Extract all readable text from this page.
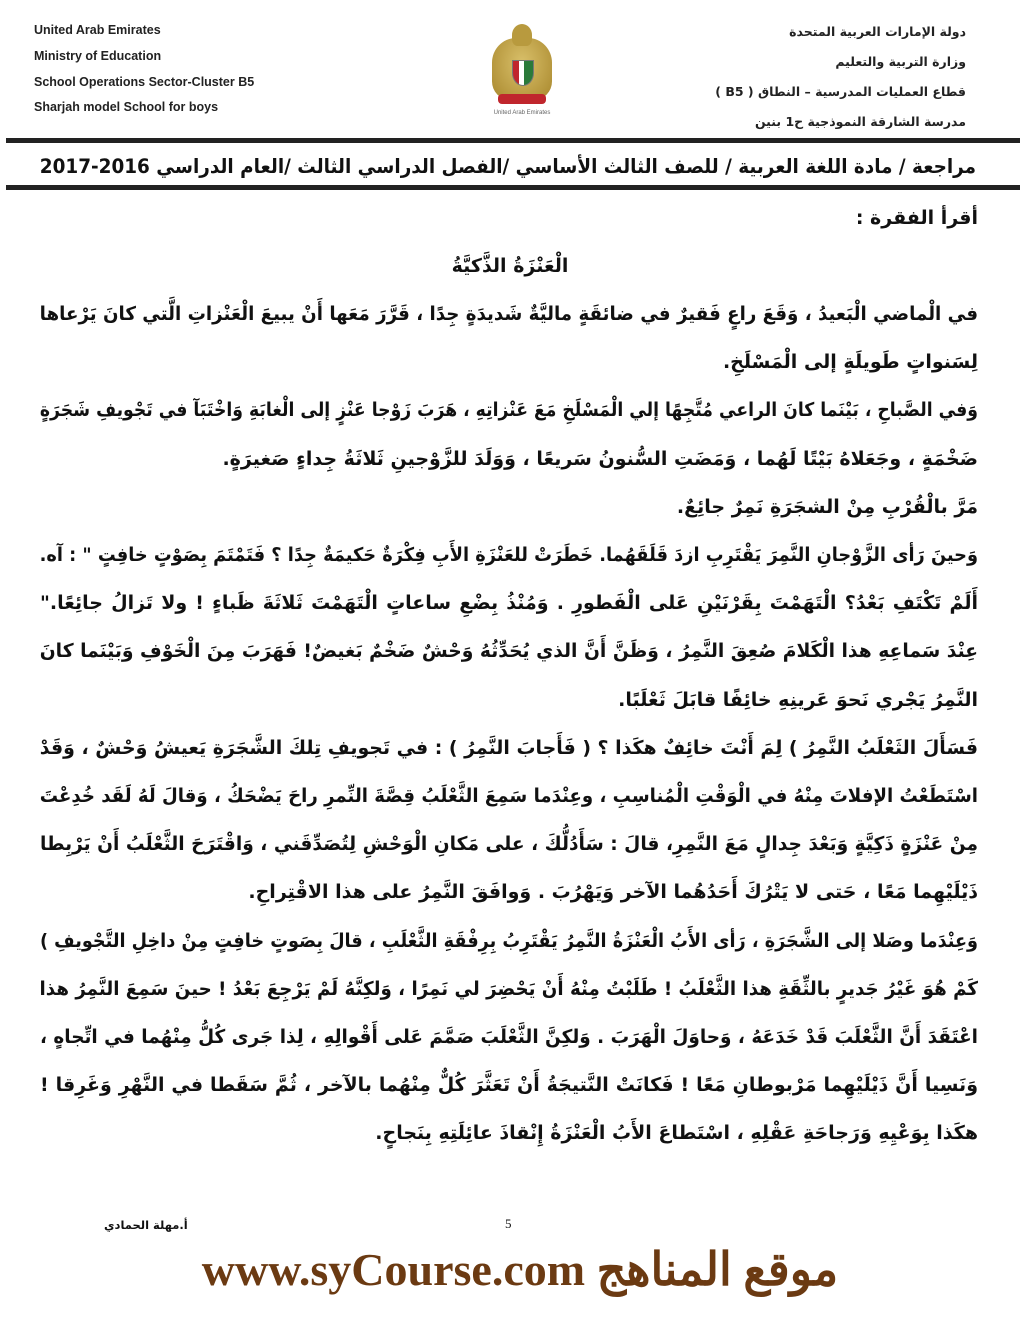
United Arab Emirates
Ministry of Education
School Operations Sector-Cluster B5
Sharjah model School for boys	United Arab Emirates
دولة الإمارات العربية المتحدة
وزارة التربية والتعليم
قطاع العمليات المدرسية – النطاق ( B5 )
مدرسة الشارقة النموذجية ح1 بنين
مراجعة / مادة اللغة العربية / للصف الثالث الأساسي /الفصل الدراسي الثالث /العام الدراسي 2016-2017
أقرأ الفقرة :
الْعَنْزَةُ الذَّكيَّةُ
في الْماضي الْبَعيدُ ، وَقَعَ راعٍ فَقيرٌ في ضائقَةٍ ماليَّةٌ شَديدَةٍ جِدًا ، قَرَّرَ مَعَها أَنْ يبيعَ الْعَنْزاتِ الَّتي كانَ يَرْعاها
لِسَنواتٍ طَويلَةٍ إلى الْمَسْلَخِ.
وَفي الصَّباحِ ، بَيْنَما كانَ الراعي مُتَّجِهًا إلي الْمَسْلَخِ مَعَ عَنْزاتِهِ ، هَرَبَ زَوْجا عَنْزٍ إلى الْغابَةِ وَاخْتَبَآ في تَجْويفِ شَجَرَةٍ
ضَخْمَةٍ ، وجَعَلاهُ بَيْتًا لَهُما ، وَمَضَتِ السُّنونُ سَريعًا ، وَوَلَدَ للزَّوْجينِ ثَلاثَةُ جِداءٍ صَغيرَةٍ.
مَرَّ بالْقُرْبِ مِنْ الشجَرَةِ نَمِرٌ جائِعٌ.
وَحينَ رَأى الزَّوْجانِ النَّمِرَ يَقْتَرِبِ ازدَ قَلَقَهُما. خَطَرَتْ للعَنْزَةِ الأَبِ فِكْرَةٌ حَكيمَةٌ جِدًا ؟ فَتَمْتَمَ بِصَوْتٍ خافِتٍ " : آه.
أَلَمْ تَكْتَفِ بَعْدُ؟ الْتَهَمْتَ بِقَرْنَيْنِ عَلى الْفَطورِ . وَمُنْذُ بِضْعِ ساعاتٍ الْتَهَمْتَ ثَلاثَةَ ظَباءٍ ! ولا تَزالُ جائِعًا."
عِنْدَ سَماعِهِ هذا الْكَلامَ صُعِقَ النَّمِرُ ، وَظَنَّ أَنَّ الذي يُحَدِّثُهُ وَحْشٌ ضَخْمٌ بَغيضٌ! فَهَرَبَ مِنَ الْخَوْفِ وَبَيْنَما كانَ
النَّمِرُ يَجْري نَحوَ عَرينِهِ خائِفًا قابَلَ ثَعْلَبًا.
فَسَأَلَ الثَعْلَبُ النَّمِرُ ) لِمَ أَنْتَ خائِفٌ هكَذا ؟ ( فَأَجابَ النَّمِرُ ) : في تَجويفِ تِلكَ الشَّجَرَةِ يَعيشُ وَحْشٌ ، وَقَدْ
اسْتَطَعْتُ الإفلاتَ مِنْهُ في الْوَقْتِ الْمُناسِبِ ، وعِنْدَما سَمِعَ الثَّعْلَبُ قِصَّةَ النِّمرِ راحَ يَضْحَكُ ، وَقالَ لَهُ لَقَد خُدِعْتَ
مِنْ عَنْزَةٍ ذَكِيَّةٍ وَبَعْدَ جِدالٍ مَعَ النَّمِرِ، قالَ : سَأَدُلُّكَ ، على مَكانِ الْوَحْشِ لِتُصَدِّقَني ، وَاقْتَرَحَ الثَّعْلَبُ أَنْ يَرْبِطا
ذَيْلَيْهِما مَعًا ، حَتى لا يَتْرُكَ أَحَدُهُما الآخر وَيَهْرُبَ . وَوافَقَ النَّمِرُ على هذا الاقْتِراحِ.
وَعِنْدَما وصَلا إلى الشَّجَرَةِ ، رَأى الأَبُ الْعَنْزَةُ النَّمِرُ يَقْتَرِبُ بِرِفْقَةِ الثَّعْلَبِ ، قالَ بِصَوتٍ خافِتٍ مِنْ داخِلِ التَّجْويفِ )
كَمْ هُوَ غَيْرُ جَديرٍ بالثِّقَةِ هذا الثَّعْلَبُ ! طَلَبْتُ مِنْهُ أَنْ يَحْضِرَ لي نَمِرًا ، وَلكِنَّهُ لَمْ يَرْجِعَ بَعْدُ ! حينَ سَمِعَ النَّمِرُ هذا
اعْتَقَدَ أَنَّ الثَّعْلَبَ قَدْ خَدَعَهُ ، وَحاوَلَ الْهَرَبَ . وَلكِنَّ الثَّعْلَبَ صَمَّمَ عَلى أَقْوالِهِ ، لِذا جَرى كُلُّ مِنْهُما في اتِّجاهٍ ،
وَنَسِيا أَنَّ ذَيْلَيْهِما مَرْبوطانِ مَعًا ! فَكانَتْ النَّتيجَةُ أَنْ تَعَثَّرَ كُلٌّ مِنْهُما بالآخر ، ثُمَّ سَقَطا في النَّهْرِ وَغَرِقا !
هكَذا بِوَعْيِهِ وَرَجاحَةِ عَقْلِهِ ، اسْتَطاعَ الأَبُ الْعَنْزَةُ إِنْقاذَ عائِلَتِهِ بِنَجاحٍ.
أ.مهلة الحمادي	5
www.syCourse.com موقع المناهج
